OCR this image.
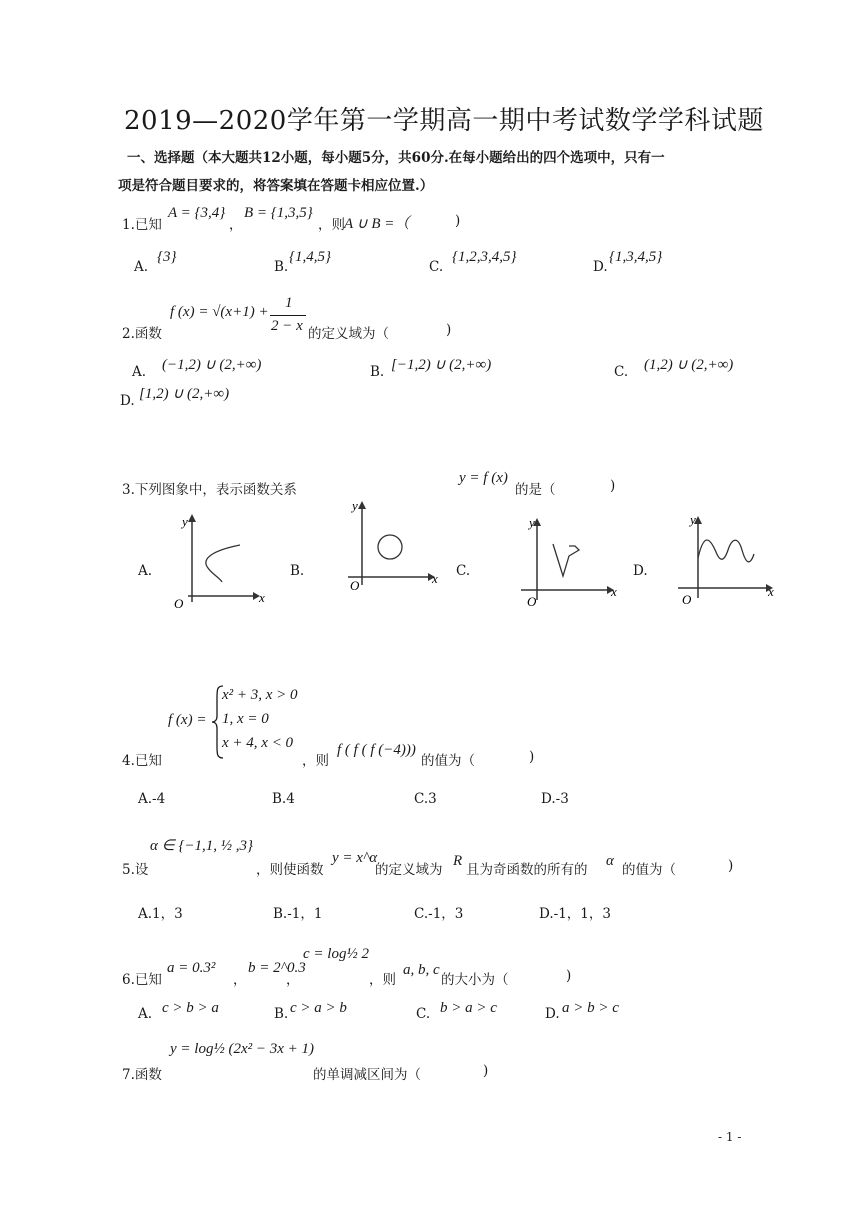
2019—2020学年第一学期高一期中考试数学学科试题
一、选择题（本大题共12小题，每小题5分，共60分.在每小题给出的四个选项中，只有一
项是符合题目要求的，将答案填在答题卡相应位置.）
1.已知
A = {3,4}
，
B = {1,3,5}
，则 A ∪ B =（	)
A.
{3}
B.
{1,4,5}
C.
{1,2,3,4,5}
D.
{1,3,4,5}
2.函数
f (x) = √(x+1) +
1
2 − x 的定义域为（	)
A. (−1,2) ∪ (2,+∞)	B. [−1,2) ∪ (2,+∞)	C. (1,2) ∪ (2,+∞)
D. [1,2) ∪ (2,+∞)
3.下列图象中，表示函数关系
y = f (x)
的是（	)
A.	B.	C.	D.
y
x
O
y
x
O
y
x
O
y
x
O
4.已知
f (x) =
x² + 3, x > 0
1, x = 0
x + 4, x < 0
，则
f ( f ( f (−4)))
的值为（	)
A.-4	B.4	C.3	D.-3
5.设
α ∈ {−1,1, ½ ,3}
，则使函数
y = x^α
的定义域为
R
且为奇函数的所有的
α
的值为（	)
A.1，3	B.-1，1	C.-1，3	D.-1，1，3
6.已知
a = 0.3²
，
b = 2^0.3
，
c = log½ 2
，则
a, b, c
的大小为（	)
A. c > b > a	B. c > a > b	C. b > a > c	D. a > b > c
7.函数
y = log½ (2x² − 3x + 1)
的单调减区间为（	)
- 1 -
